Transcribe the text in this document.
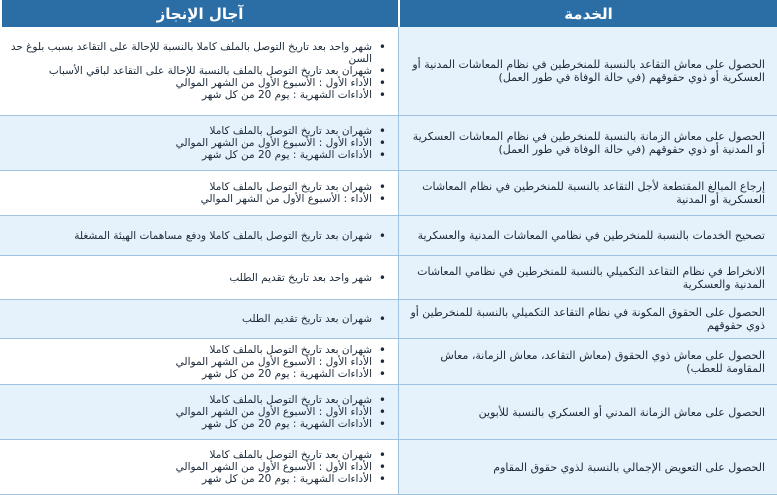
الخدمة
آجال الإنجاز
الحصول على معاش التقاعد بالنسبة للمنخرطين في نظام المعاشات المدنية أو العسكرية أو ذوي حقوقهم (في حالة الوفاة في طور العمل)
• شهر واحد بعد تاريخ التوصل بالملف كاملا بالنسبة للإحالة على التقاعد بسبب بلوغ حد السن
• شهران بعد تاريخ التوصل بالملف بالنسبة للإحالة على التقاعد لباقي الأسباب
• الأداء الأول : الأسبوع الأول من الشهر الموالي
• الأداءات الشهرية : يوم 20 من كل شهر
الحصول على معاش الزمانة بالنسبة للمنخرطين في نظام المعاشات العسكرية أو المدنية أو ذوي حقوقهم (في حالة الوفاة في طور العمل)
• شهران بعد تاريخ التوصل بالملف كاملا
• الأداء الأول : الأسبوع الأول من الشهر الموالي
• الأداءات الشهرية : يوم 20 من كل شهر
إرجاع المبالغ المقتطعة لأجل التقاعد بالنسبة للمنخرطين في نظام المعاشات العسكرية أو المدنية
• شهران بعد تاريخ التوصل بالملف كاملا
• الأداء : الأسبوع الأول من الشهر الموالي
تصحيح الخدمات بالنسبة للمنخرطين في نظامي المعاشات المدنية والعسكرية
• شهران بعد تاريخ التوصل بالملف كاملا ودفع مساهمات الهيئة المشغلة
الانخراط في نظام التقاعد التكميلي بالنسبة للمنخرطين في نظامي المعاشات المدنية والعسكرية
• شهر واحد بعد تاريخ تقديم الطلب
الحصول على الحقوق المكونة في نظام التقاعد التكميلي بالنسبة للمنخرطين أو ذوي حقوقهم
• شهران بعد تاريخ تقديم الطلب
الحصول على معاش ذوي الحقوق (معاش التقاعد، معاش الزمانة، معاش المقاومة للعطب)
• شهران بعد تاريخ التوصل بالملف كاملا
• الأداء الأول : الأسبوع الأول من الشهر الموالي
• الأداءات الشهرية : يوم 20 من كل شهر
الحصول على معاش الزمانة المدني أو العسكري بالنسبة للأبوين
• شهران بعد تاريخ التوصل بالملف كاملا
• الأداء الأول : الأسبوع الأول من الشهر الموالي
• الأداءات الشهرية : يوم 20 من كل شهر
الحصول على التعويض الإجمالي بالنسبة لذوي حقوق المقاوم
• شهران بعد تاريخ التوصل بالملف كاملا
• الأداء الأول : الأسبوع الأول من الشهر الموالي
• الأداءات الشهرية : يوم 20 من كل شهر
